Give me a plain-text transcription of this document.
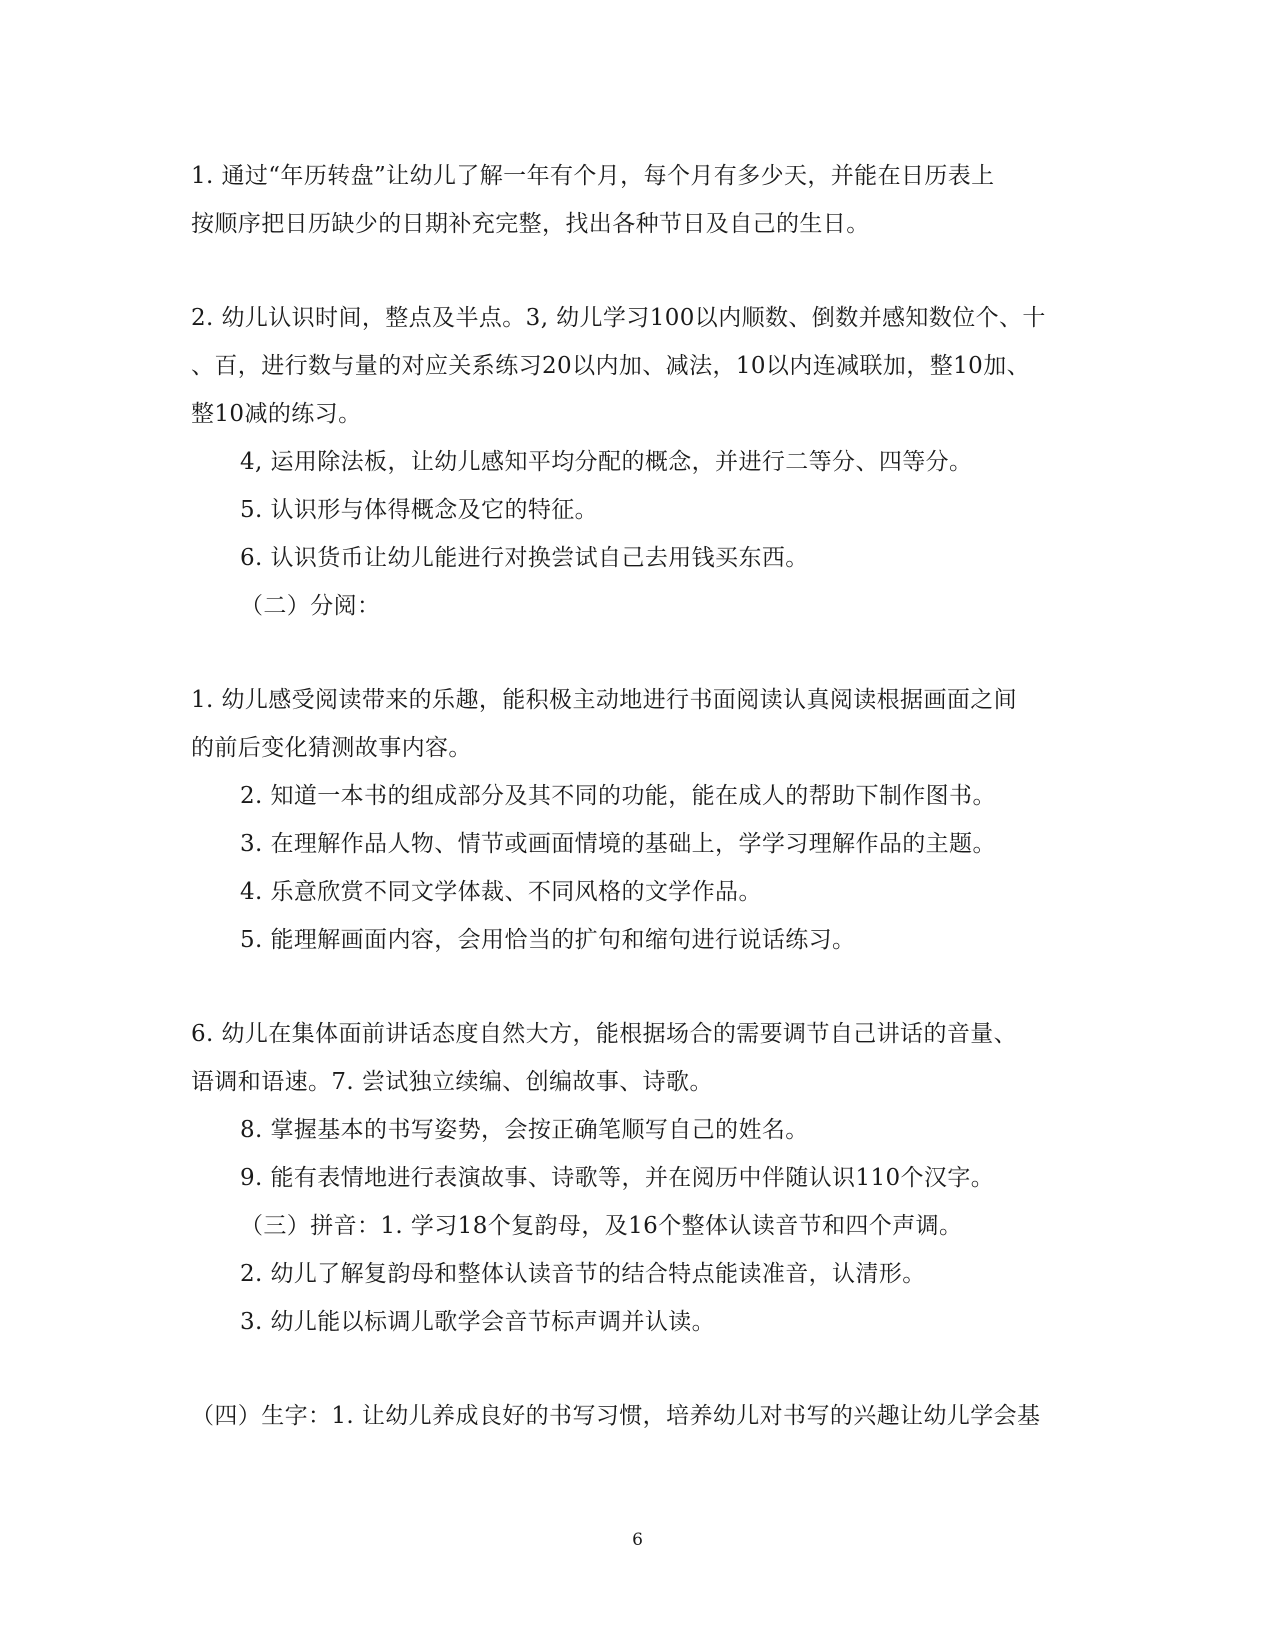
1. 通过“年历转盘”让幼儿了解一年有个月，每个月有多少天，并能在日历表上
按顺序把日历缺少的日期补充完整，找出各种节日及自己的生日。
2. 幼儿认识时间，整点及半点。3, 幼儿学习100以内顺数、倒数并感知数位个、十
、百，进行数与量的对应关系练习20以内加、减法，10以内连减联加，整10加、
整10减的练习。
4, 运用除法板，让幼儿感知平均分配的概念，并进行二等分、四等分。
5. 认识形与体得概念及它的特征。
6. 认识货币让幼儿能进行对换尝试自己去用钱买东西。
（二）分阅：
1. 幼儿感受阅读带来的乐趣，能积极主动地进行书面阅读认真阅读根据画面之间
的前后变化猜测故事内容。
2. 知道一本书的组成部分及其不同的功能，能在成人的帮助下制作图书。
3. 在理解作品人物、情节或画面情境的基础上，学学习理解作品的主题。
4. 乐意欣赏不同文学体裁、不同风格的文学作品。
5. 能理解画面内容，会用恰当的扩句和缩句进行说话练习。
6. 幼儿在集体面前讲话态度自然大方，能根据场合的需要调节自己讲话的音量、
语调和语速。7. 尝试独立续编、创编故事、诗歌。
8. 掌握基本的书写姿势，会按正确笔顺写自己的姓名。
9. 能有表情地进行表演故事、诗歌等，并在阅历中伴随认识110个汉字。
（三）拼音：1. 学习18个复韵母，及16个整体认读音节和四个声调。
2. 幼儿了解复韵母和整体认读音节的结合特点能读准音，认清形。
3. 幼儿能以标调儿歌学会音节标声调并认读。
（四）生字：1. 让幼儿养成良好的书写习惯，培养幼儿对书写的兴趣让幼儿学会基
6
